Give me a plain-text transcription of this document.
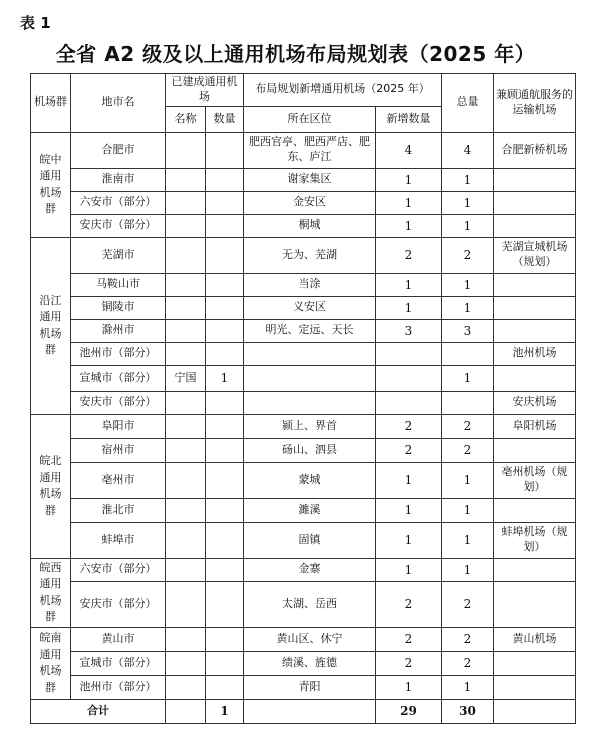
表 1
全省 A2 级及以上通用机场布局规划表（2025 年）
机场群	地市名	已建成通用机场		布局规划新增通用机场（2025 年）		总量	兼顾通航服务的运输机场
		名称	数量	所在区位	新增数量		
皖中通用机场群	合肥市			肥西官亭、肥西严店、肥东、庐江	4	4	合肥新桥机场
	淮南市			谢家集区	1	1	
	六安市（部分）			金安区	1	1	
	安庆市（部分）			桐城	1	1	
沿江通用机场群	芜湖市			无为、芜湖	2	2	芜湖宣城机场（规划）
	马鞍山市			当涂	1	1	
	铜陵市			义安区	1	1	
	滁州市			明光、定远、天长	3	3	
	池州市（部分）						池州机场
	宣城市（部分）	宁国	1			1	
	安庆市（部分）						安庆机场
皖北通用机场群	阜阳市			颍上、界首	2	2	阜阳机场
	宿州市			砀山、泗县	2	2	
	亳州市			蒙城	1	1	亳州机场（规划）
	淮北市			濉溪	1	1	
	蚌埠市			固镇	1	1	蚌埠机场（规划）
皖西通用机场群	六安市（部分）			金寨	1	1	
	安庆市（部分）			太湖、岳西	2	2	
皖南通用机场群	黄山市			黄山区、休宁	2	2	黄山机场
	宣城市（部分）			绩溪、旌德	2	2	
	池州市（部分）			青阳	1	1	
合计			1		29	30	
